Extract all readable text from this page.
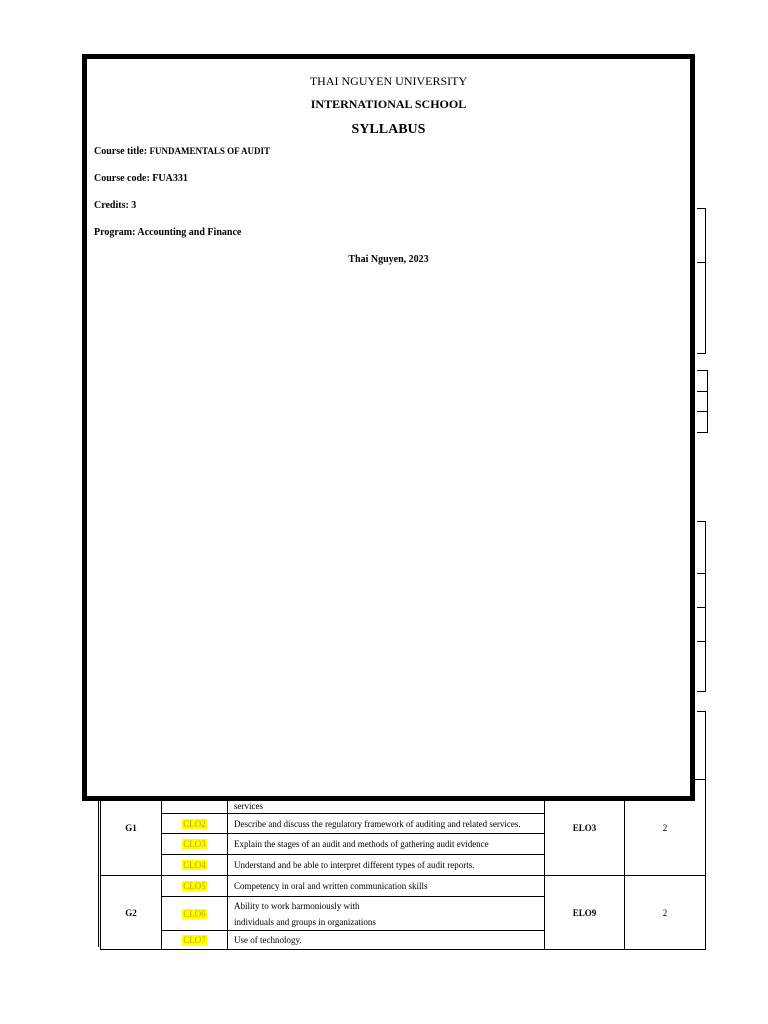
G1		services	ELO3	2
	CLO2	Describe and discuss the regulatory framework of auditing and related services.		
	CLO3	Explain the stages of an audit and methods of gathering audit evidence		
	CLO4	Understand and be able to interpret different types of audit reports.		
G2	CLO5	Competency in oral and written communication skills	ELO9	2
	CLO6	Ability to work harmoniously with
individuals and groups in organizations		

	CLO7	Use of technology.		
THAI NGUYEN UNIVERSITY
INTERNATIONAL SCHOOL
SYLLABUS
Course title: FUNDAMENTALS OF AUDIT
Course code: FUA331
Credits: 3
Program: Accounting and Finance
Thai Nguyen, 2023
